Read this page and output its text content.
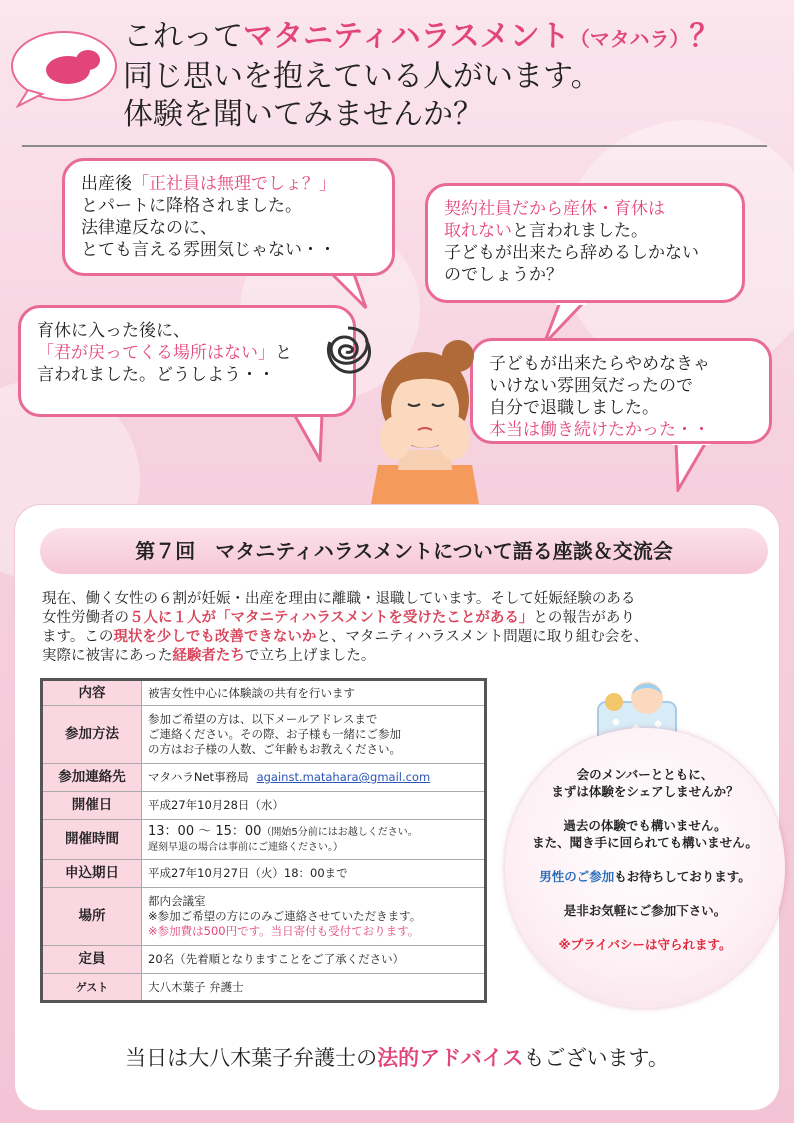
これってマタニティハラスメント（マタハラ）？
同じ思いを抱えている人がいます。
体験を聞いてみませんか？
出産後「正社員は無理でしょ？」
とパートに降格されました。
法律違反なのに、
とても言える雰囲気じゃない・・
契約社員だから産休・育休は
取れないと言われました。
子どもが出来たら辞めるしかない
のでしょうか？
育休に入った後に、
「君が戻ってくる場所はない」と
言われました。どうしよう・・
子どもが出来たらやめなきゃ
いけない雰囲気だったので
自分で退職しました。
本当は働き続けたかった・・
第７回　マタニティハラスメントについて語る座談＆交流会
現在、働く女性の６割が妊娠・出産を理由に離職・退職しています。そして妊娠経験のある
女性労働者の５人に１人が「マタニティハラスメントを受けたことがある」との報告があり
ます。この現状を少しでも改善できないかと、マタニティハラスメント問題に取り組む会を、
実際に被害にあった経験者たちで立ち上げました。
内容	被害女性中心に体験談の共有を行います
参加方法	参加ご希望の方は、以下メールアドレスまで
ご連絡ください。その際、お子様も一緒にご参加
の方はお子様の人数、ご年齢もお教えください。

参加連絡先	マタハラNet事務局 against.matahara@gmail.com
開催日	平成27年10月28日（水）
開催時間	13：00 〜 15：00（開始5分前にはお越しください。
遅刻早退の場合は事前にご連絡ください。）

申込期日	平成27年10月27日（火）18：00まで
場所	都内会議室
※参加ご希望の方にのみご連絡させていただきます。
※参加費は500円です。当日寄付も受付ております。

定員	20名（先着順となりますことをご了承ください）
ゲスト	大八木葉子 弁護士
会のメンバーとともに、

まずは体験をシェアしませんか？

過去の体験でも構いません。

また、聞き手に回られても構いません。

男性のご参加もお待ちしております。

是非お気軽にご参加下さい。

※プライバシーは守られます。

当日は大八木葉子弁護士の法的アドバイスもございます。
